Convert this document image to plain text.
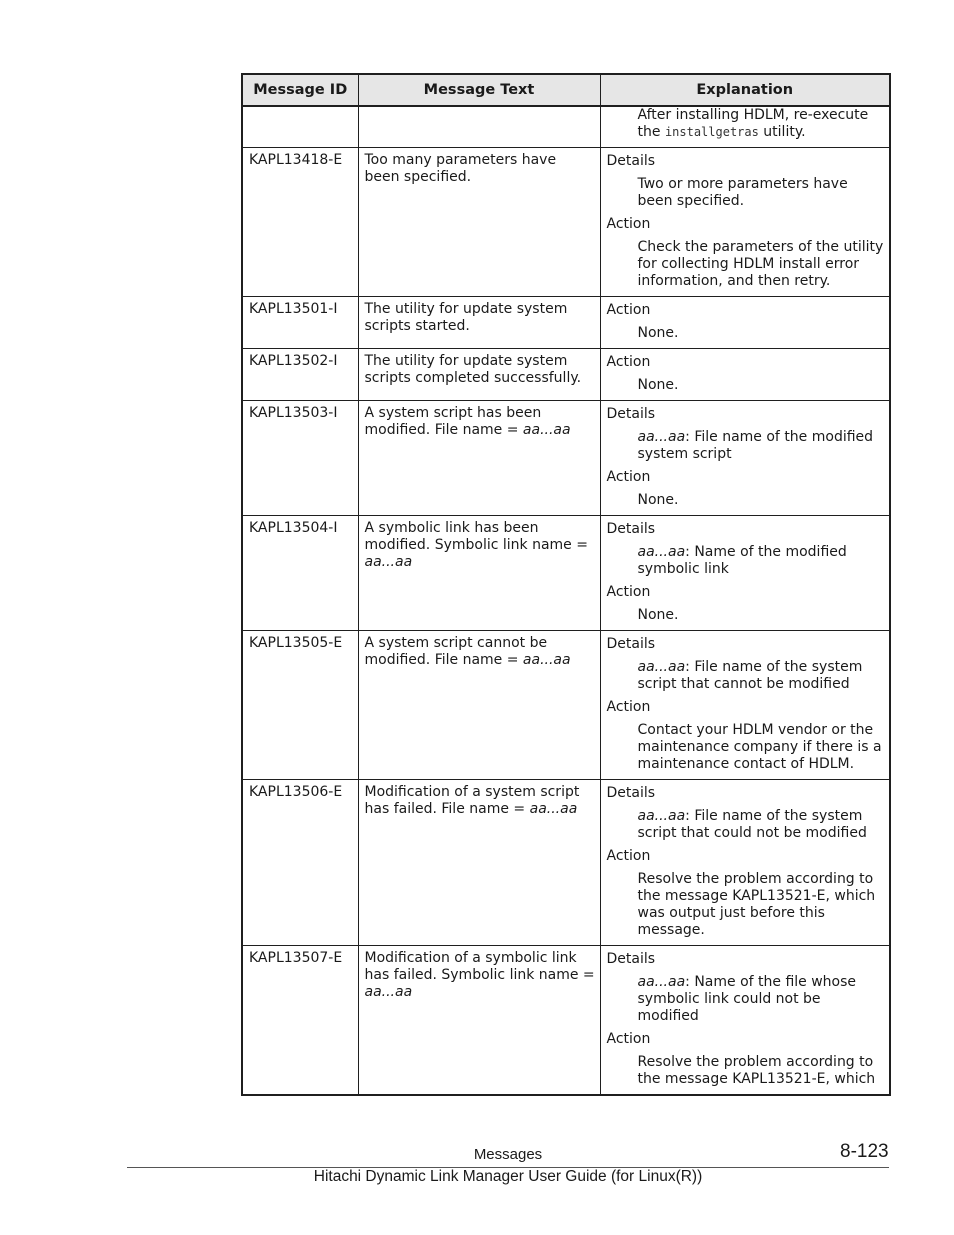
Message ID	Message Text	Explanation

		After installing HDLM, re-execute the installgetras utility.

KAPL13418-E	Too many parameters have been specified.	Details
Two or more parameters have been specified.
Action
Check the parameters of the utility for collecting HDLM install error information, and then retry.

KAPL13501-I	The utility for update system scripts started.	Action
None.

KAPL13502-I	The utility for update system scripts completed successfully.	Action
None.

KAPL13503-I	A system script has been modified. File name = aa...aa	Details
aa...aa: File name of the modified system script
Action
None.

KAPL13504-I	A symbolic link has been modified. Symbolic link name = aa...aa	Details
aa...aa: Name of the modified symbolic link
Action
None.

KAPL13505-E	A system script cannot be modified. File name = aa...aa	Details
aa...aa: File name of the system script that cannot be modified
Action
Contact your HDLM vendor or the maintenance company if there is a maintenance contact of HDLM.

KAPL13506-E	Modification of a system script has failed. File name = aa...aa	Details
aa...aa: File name of the system script that could not be modified
Action
Resolve the problem according to the message KAPL13521-E, which was output just before this message.

KAPL13507-E	Modification of a symbolic link has failed. Symbolic link name = aa...aa	Details
aa...aa: Name of the file whose symbolic link could not be modified
Action
Resolve the problem according to the message KAPL13521-E, which
Messages	8-123
Hitachi Dynamic Link Manager User Guide (for Linux(R))
